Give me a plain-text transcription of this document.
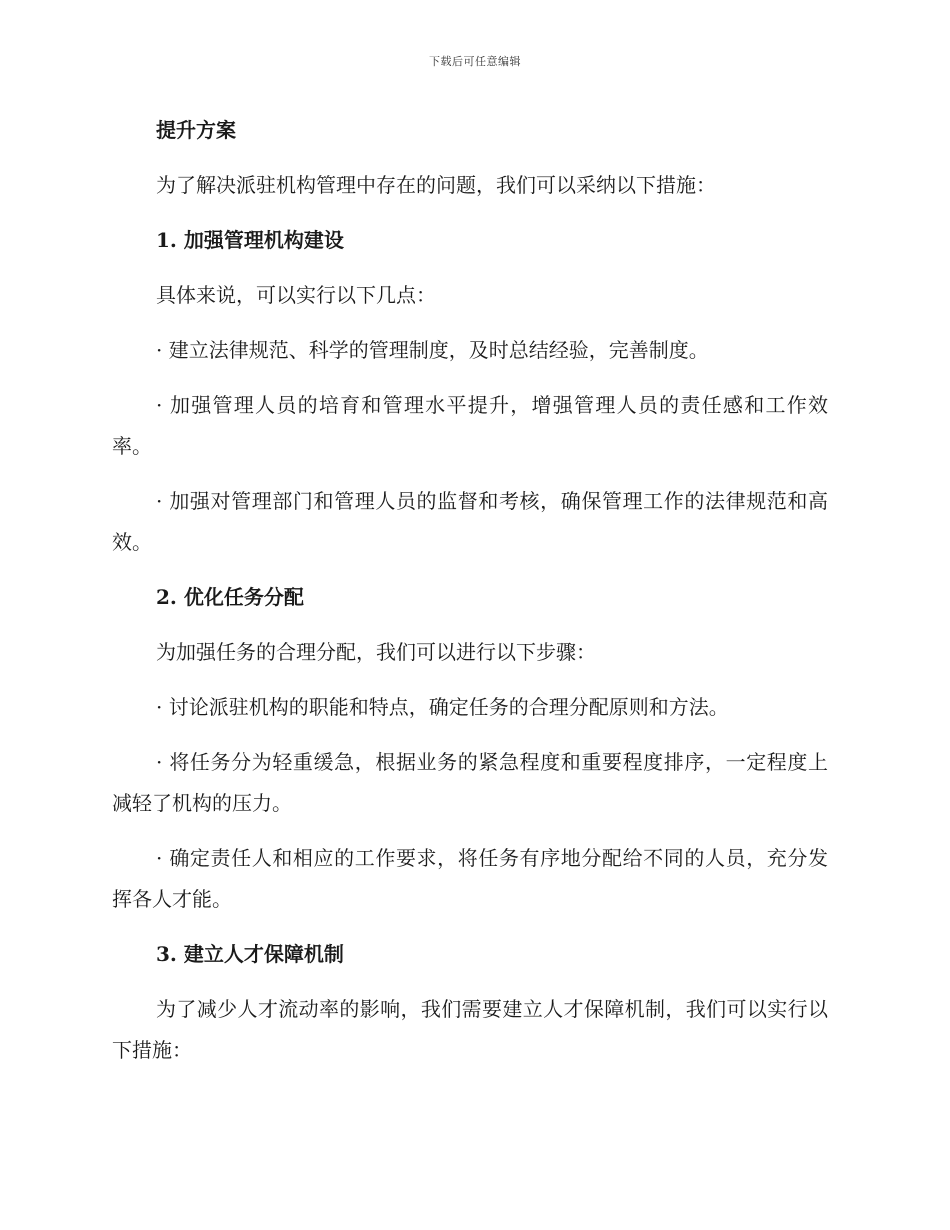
下载后可任意编辑

提升方案

为了解决派驻机构管理中存在的问题，我们可以采纳以下措施：

1. 加强管理机构建设

具体来说，可以实行以下几点：

· 建立法律规范、科学的管理制度，及时总结经验，完善制度。

· 加强管理人员的培育和管理水平提升，增强管理人员的责任感和工作效率。

· 加强对管理部门和管理人员的监督和考核，确保管理工作的法律规范和高效。

2. 优化任务分配

为加强任务的合理分配，我们可以进行以下步骤：

· 讨论派驻机构的职能和特点，确定任务的合理分配原则和方法。

· 将任务分为轻重缓急，根据业务的紧急程度和重要程度排序，一定程度上减轻了机构的压力。

· 确定责任人和相应的工作要求，将任务有序地分配给不同的人员，充分发挥各人才能。

3. 建立人才保障机制

为了减少人才流动率的影响，我们需要建立人才保障机制，我们可以实行以下措施：
